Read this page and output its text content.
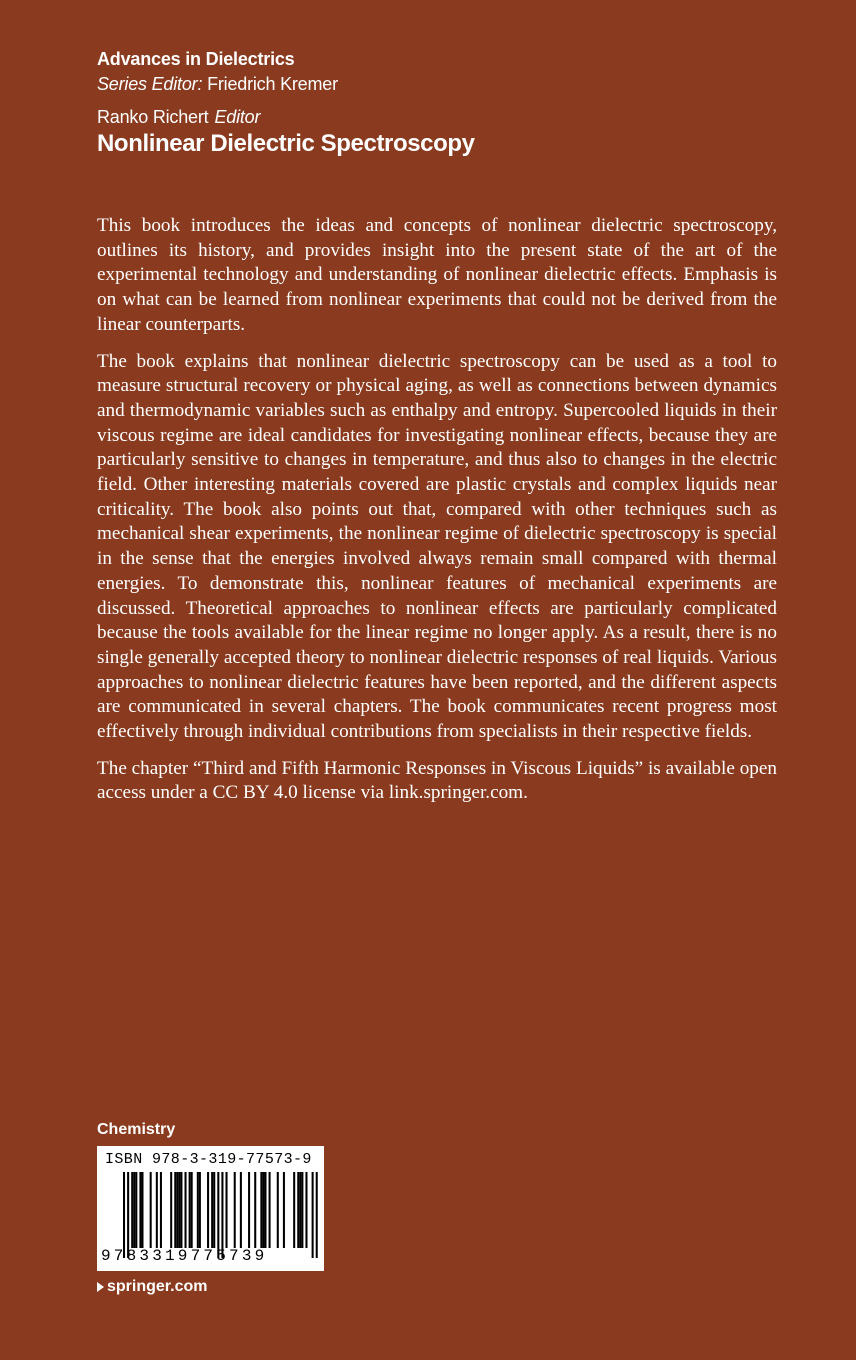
Advances in Dielectrics
Series Editor: Friedrich Kremer
Ranko Richert Editor
Nonlinear Dielectric Spectroscopy

This book introduces the ideas and concepts of nonlinear dielectric spectroscopy, outlines its history, and provides insight into the present state of the art of the experimental technology and understanding of nonlinear dielectric effects. Emphasis is on what can be learned from nonlinear experiments that could not be derived from the linear counterparts.

The book explains that nonlinear dielectric spectroscopy can be used as a tool to measure structural recovery or physical aging, as well as connections between dynamics and thermodynamic variables such as enthalpy and entropy. Supercooled liquids in their viscous regime are ideal candidates for investigating nonlinear effects, because they are particularly sensitive to changes in temperature, and thus also to changes in the electric field. Other interesting materials covered are plastic crystals and complex liquids near criticality. The book also points out that, compared with other techniques such as mechanical shear experiments, the nonlinear regime of dielectric spectroscopy is special in the sense that the energies involved always remain small compared with thermal energies. To demonstrate this, nonlinear features of mechanical experiments are discussed. Theoretical approaches to nonlinear effects are particularly complicated because the tools available for the linear regime no longer apply. As a result, there is no single generally accepted theory to nonlinear dielectric responses of real liquids. Various approaches to nonlinear dielectric features have been reported, and the different aspects are communicated in several chapters. The book communicates recent progress most effectively through individual contributions from specialists in their respective fields.

The chapter “Third and Fifth Harmonic Responses in Viscous Liquids” is available open access under a CC BY 4.0 license via link.springer.com.

Chemistry
ISBN 978-3-319-77573-9
9783319775739
springer.com
